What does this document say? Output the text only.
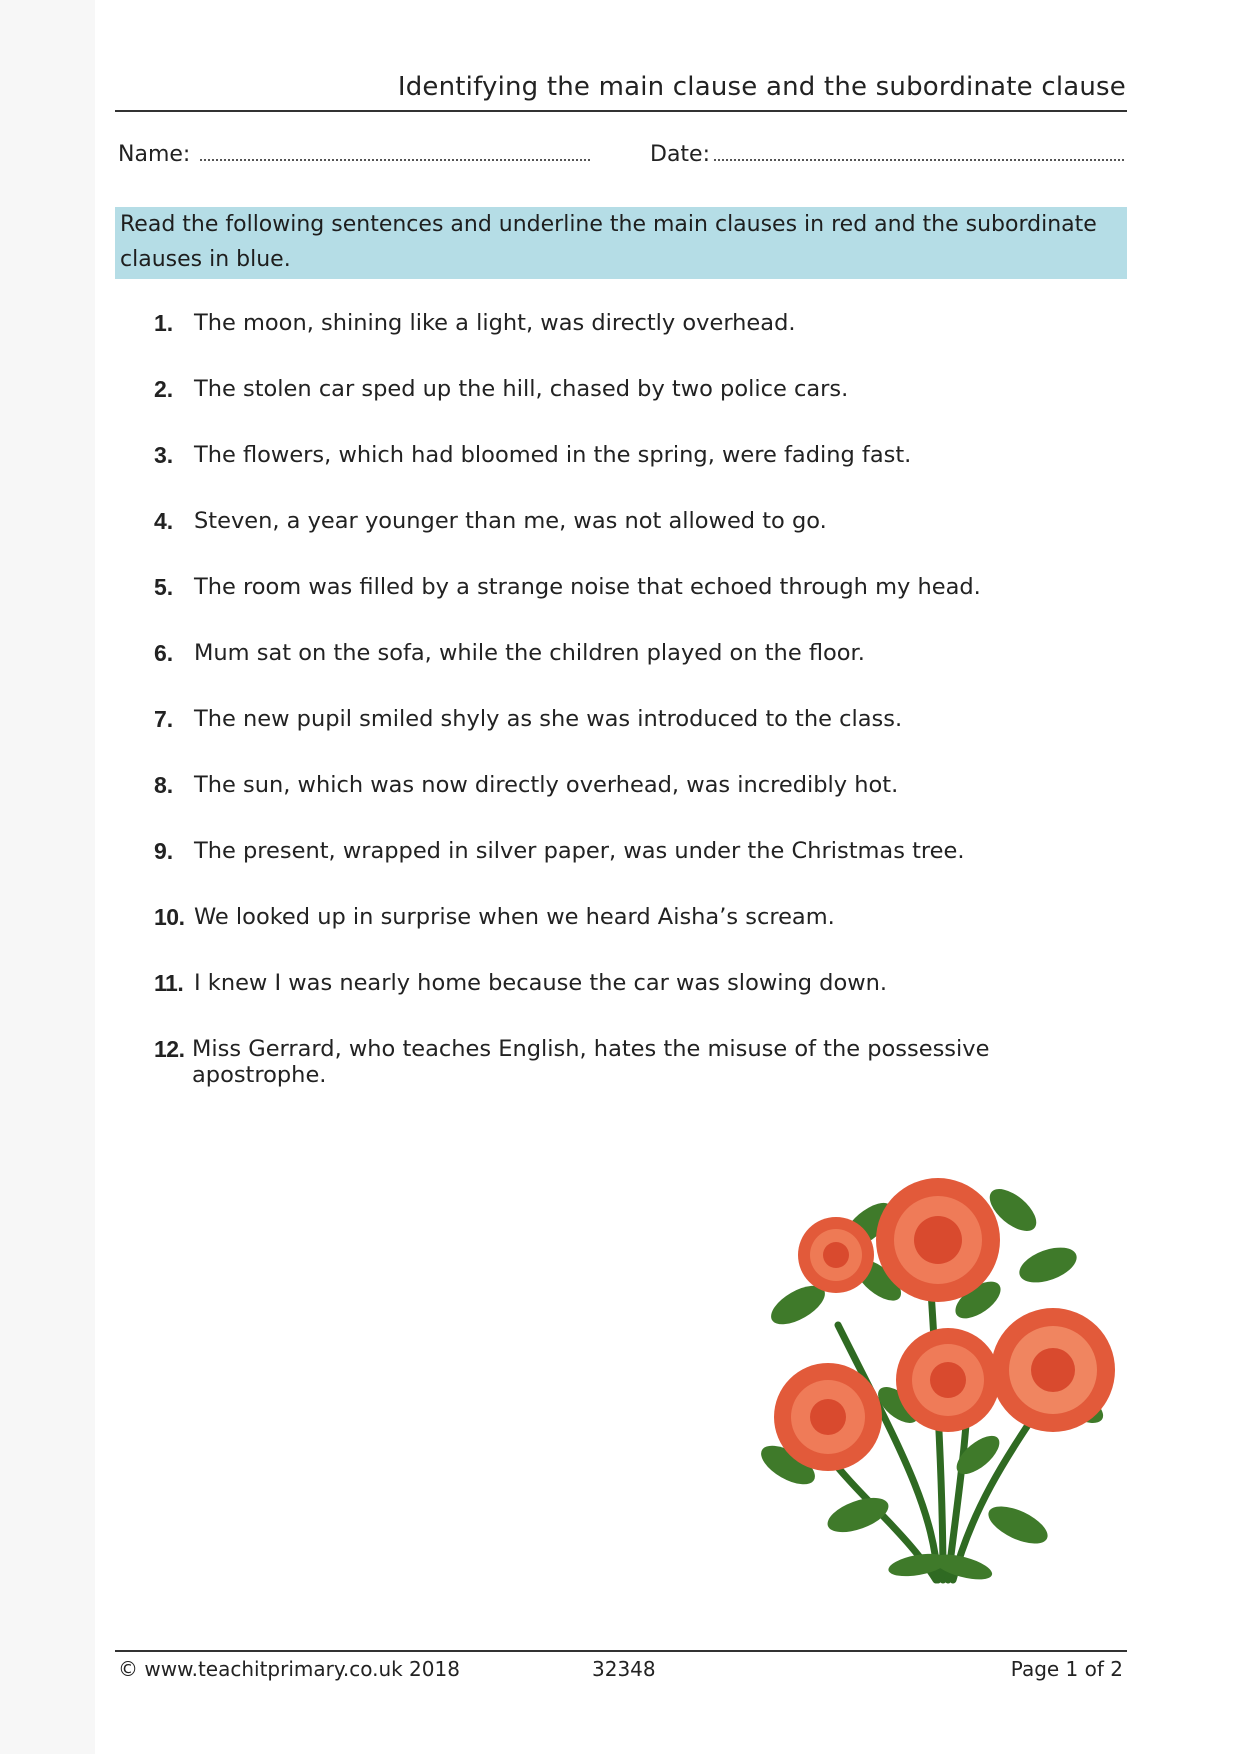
Identifying the main clause and the subordinate clause
Name:	Date:
Read the following sentences and underline the main clauses in red and the subordinate clauses in blue.
1. The moon, shining like a light, was directly overhead.
2. The stolen car sped up the hill, chased by two police cars.
3. The flowers, which had bloomed in the spring, were fading fast.
4. Steven, a year younger than me, was not allowed to go.
5. The room was filled by a strange noise that echoed through my head.
6. Mum sat on the sofa, while the children played on the floor.
7. The new pupil smiled shyly as she was introduced to the class.
8. The sun, which was now directly overhead, was incredibly hot.
9. The present, wrapped in silver paper, was under the Christmas tree.
10. We looked up in surprise when we heard Aisha’s scream.
11. I knew I was nearly home because the car was slowing down.
12. Miss Gerrard, who teaches English, hates the misuse of the possessive apostrophe.
© www.teachitprimary.co.uk 2018	32348	Page 1 of 2
